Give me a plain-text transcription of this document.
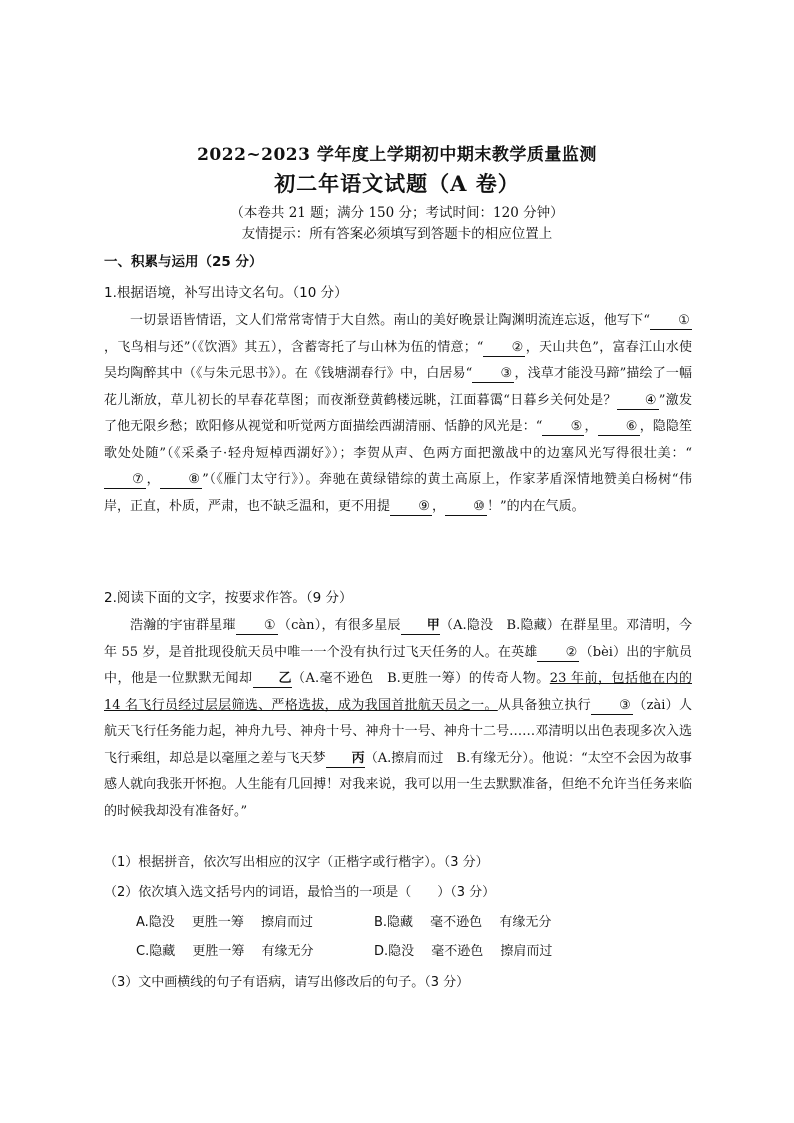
2022~2023 学年度上学期初中期末教学质量监测
初二年语文试题（A 卷）
（本卷共 21 题；满分 150 分；考试时间：120 分钟）
友情提示：所有答案必须填写到答题卡的相应位置上
一、积累与运用（25 分）
1.根据语境，补写出诗文名句。（10 分）

一切景语皆情语，文人们常常寄情于大自然。南山的美好晚景让陶渊明流连忘返，他写下“ ①，飞鸟相与还”（《饮酒》其五），含蓄寄托了与山林为伍的情意；“ ② ，天山共色”，富春江山水使吴均陶醉其中（《与朱元思书》）。在《钱塘湖春行》中，白居易“ ③ ，浅草才能没马蹄”描绘了一幅花儿渐放，草儿初长的早春花草图；而夜渐登黄鹤楼远眺，江面暮霭“日暮乡关何处是？ ④ ”激发了他无限乡愁；欧阳修从视觉和听觉两方面描绘西湖清丽、恬静的风光是：“ ⑤ ， ⑥ ，隐隐笙歌处处随”（《采桑子·轻舟短棹西湖好》）；李贺从声、色两方面把激战中的边塞风光写得很壮美：“⑦ ， ⑧ ”（《雁门太守行》）。奔驰在黄绿错综的黄土高原上，作家茅盾深情地赞美白杨树“伟岸，正直，朴质，严肃，也不缺乏温和，更不用提 ⑨ ， ⑩ ！”的内在气质。

2.阅读下面的文字，按要求作答。（9 分）

浩瀚的宇宙群星璀 ① （càn），有很多星辰 甲（A.隐没　B.隐藏）在群星里。邓清明，今年 55 岁，是首批现役航天员中唯一一个没有执行过飞天任务的人。在英雄 ② （bèi）出的宇航员中，他是一位默默无闻却 乙（A.毫不逊色　B.更胜一筹）的传奇人物。23 年前，包括他在内的 14 名飞行员经过层层筛选、严格选拔，成为我国首批航天员之一。从具备独立执行 ③ （zài）人航天飞行任务能力起，神舟九号、神舟十号、神舟十一号、神舟十二号……邓清明以出色表现多次入选飞行乘组，却总是以毫厘之差与飞天梦 丙（A.擦肩而过　B.有缘无分）。他说：“太空不会因为故事感人就向我张开怀抱。人生能有几回搏！对我来说，我可以用一生去默默准备，但绝不允许当任务来临的时候我却没有准备好。”

（1）根据拼音，依次写出相应的汉字（正楷字或行楷字）。（3 分）
（2）依次填入选文括号内的词语，最恰当的一项是（　　）（3 分）
A.隐没　 更胜一筹　 擦肩而过	B.隐藏　 毫不逊色　 有缘无分
C.隐藏　 更胜一筹　 有缘无分	D.隐没　 毫不逊色　 擦肩而过
（3）文中画横线的句子有语病，请写出修改后的句子。（3 分）
